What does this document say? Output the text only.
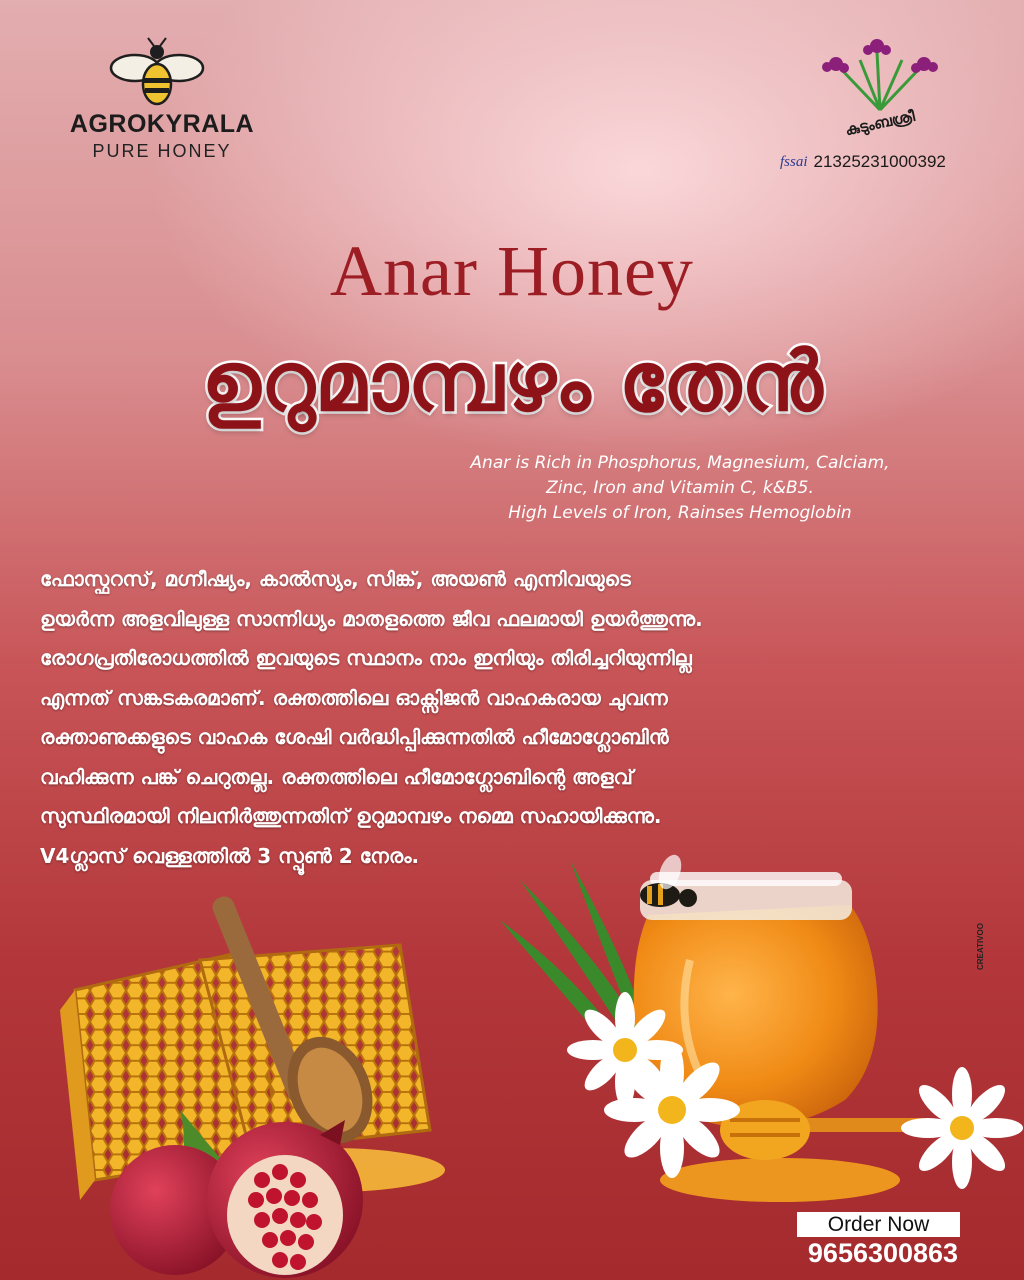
AGROKYRALA
PURE HONEY
കുടുംബശ്രീ
fssai 21325231000392
Anar Honey
ഉറുമാമ്പഴം തേൻ
Anar is Rich in Phosphorus, Magnesium, Calciam,
Zinc, Iron and Vitamin C, k&B5.
High Levels of Iron, Rainses Hemoglobin
ഫോസ്ഫറസ്, മഗ്നീഷ്യം, കാൽസ്യം, സിങ്ക്, അയൺ എന്നിവയുടെ
ഉയർന്ന അളവിലുള്ള സാന്നിധ്യം മാതളത്തെ ജീവ ഫലമായി ഉയർത്തുന്നു.
രോഗപ്രതിരോധത്തിൽ ഇവയുടെ സ്ഥാനം നാം ഇനിയും തിരിച്ചറിയുന്നില്ല
എന്നത് സങ്കടകരമാണ്. രക്തത്തിലെ ഓക്സിജൻ വാഹകരായ ചുവന്ന
രക്താണുക്കളുടെ വാഹക ശേഷി വർദ്ധിപ്പിക്കുന്നതിൽ ഹീമോഗ്ലോബിൻ
വഹിക്കുന്ന പങ്ക് ചെറുതല്ല. രക്തത്തിലെ ഹീമോഗ്ലോബിന്റെ അളവ്
സുസ്ഥിരമായി നിലനിർത്തുന്നതിന് ഉറുമാമ്പഴം നമ്മെ സഹായിക്കുന്നു.
V4ഗ്ലാസ് വെള്ളത്തിൽ 3 സ്പൂൺ 2 നേരം.
CREATIVOO
Order Now
9656300863
